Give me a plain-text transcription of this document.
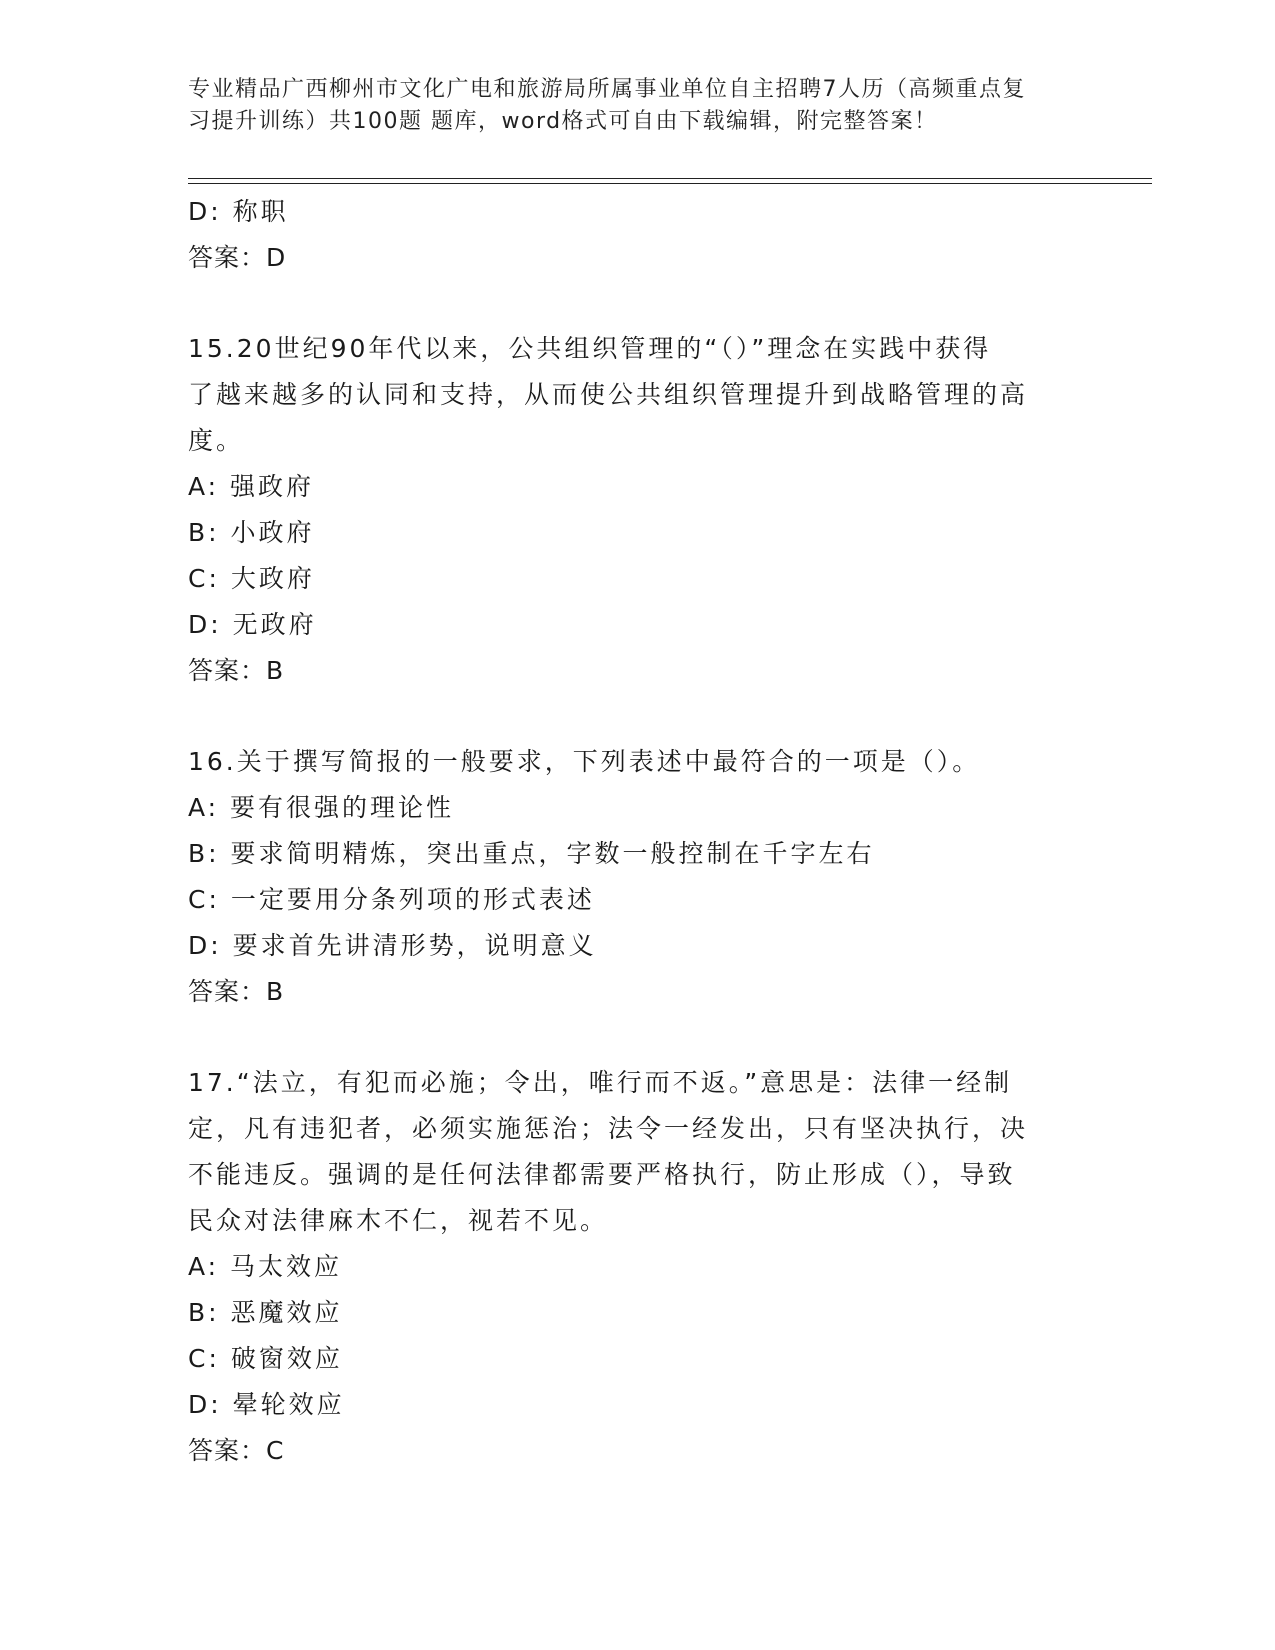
专业精品广西柳州市文化广电和旅游局所属事业单位自主招聘7人历（高频重点复
习提升训练）共100题 题库，word格式可自由下载编辑，附完整答案！
D: 称职
答案：D
15.20世纪90年代以来，公共组织管理的“（）”理念在实践中获得
了越来越多的认同和支持，从而使公共组织管理提升到战略管理的高
度。
A: 强政府
B: 小政府
C: 大政府
D: 无政府
答案：B
16.关于撰写简报的一般要求，下列表述中最符合的一项是（）。
A: 要有很强的理论性
B: 要求简明精炼，突出重点，字数一般控制在千字左右
C: 一定要用分条列项的形式表述
D: 要求首先讲清形势，说明意义
答案：B
17.“法立，有犯而必施；令出，唯行而不返。”意思是：法律一经制
定，凡有违犯者，必须实施惩治；法令一经发出，只有坚决执行，决
不能违反。强调的是任何法律都需要严格执行，防止形成（），导致
民众对法律麻木不仁，视若不见。
A: 马太效应
B: 恶魔效应
C: 破窗效应
D: 晕轮效应
答案：C
